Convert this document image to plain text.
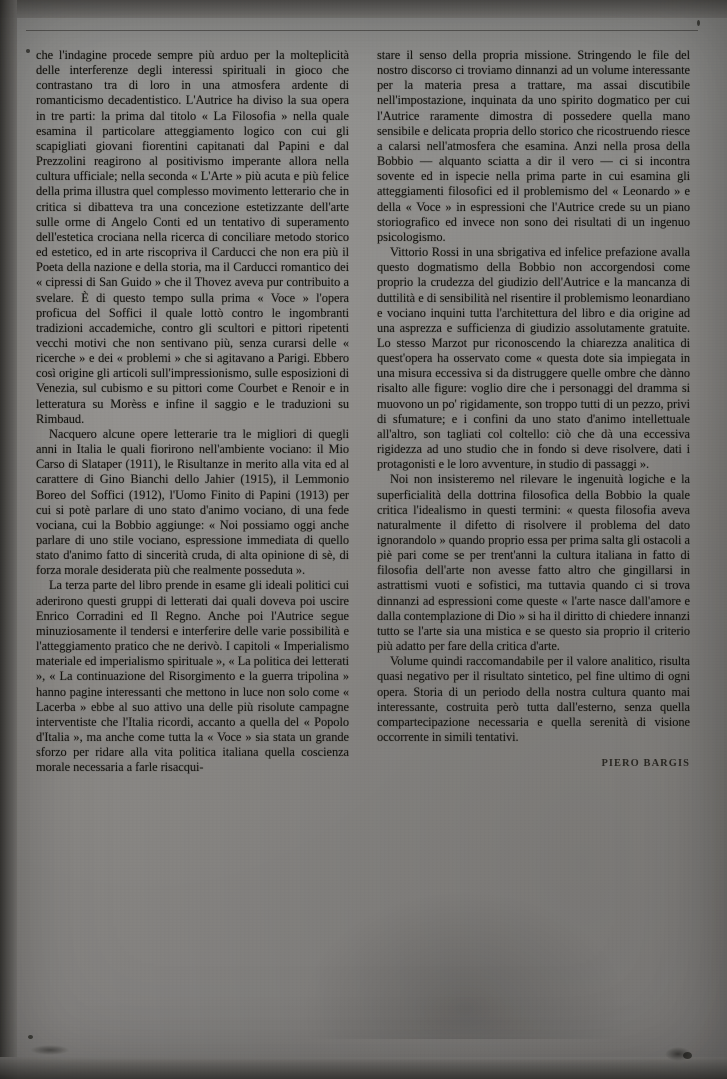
che l'indagine procede sempre più arduo per la molteplicità delle interferenze degli interessi spirituali in gioco che contrastano tra di loro in una atmosfera ardente di romanticismo decadentistico. L'Autrice ha diviso la sua opera in tre parti: la prima dal titolo « La Filosofia » nella quale esamina il particolare atteggiamento logico con cui gli scapigliati giovani fiorentini capitanati dal Papini e dal Prezzolini reagirono al positivismo imperante allora nella cultura ufficiale; nella seconda « L'Arte » più acuta e più felice della prima illustra quel complesso movimento letterario che in critica si dibatteva tra una concezione estetizzante dell'arte sulle orme di Angelo Conti ed un tentativo di superamento dell'estetica crociana nella ricerca di conciliare metodo storico ed estetico, ed in arte riscopriva il Carducci che non era più il Poeta della nazione e della storia, ma il Carducci romantico dei « cipressi di San Guido » che il Thovez aveva pur contribuito a svelare. È di questo tempo sulla prima « Voce » l'opera proficua del Soffici il quale lottò contro le ingombranti tradizioni accademiche, contro gli scultori e pittori ripetenti vecchi motivi che non sentivano più, senza curarsi delle « ricerche » e dei « problemi » che si agitavano a Parigi. Ebbero così origine gli articoli sull'impressionismo, sulle esposizioni di Venezia, sul cubismo e su pittori come Courbet e Renoir e in letteratura su Morèss e infine il saggio e le traduzioni su Rimbaud.

Nacquero alcune opere letterarie tra le migliori di quegli anni in Italia le quali fiorirono nell'ambiente vociano: il Mio Carso di Slataper (1911), le Risultanze in merito alla vita ed al carattere di Gino Bianchi dello Jahier (1915), il Lemmonio Boreo del Soffici (1912), l'Uomo Finito di Papini (1913) per cui si potè parlare di uno stato d'animo vociano, di una fede vociana, cui la Bobbio aggiunge: « Noi possiamo oggi anche parlare di uno stile vociano, espressione immediata di quello stato d'animo fatto di sincerità cruda, di alta opinione di sè, di forza morale desiderata più che realmente posseduta ».

La terza parte del libro prende in esame gli ideali politici cui aderirono questi gruppi di letterati dai quali doveva poi uscire Enrico Corradini ed Il Regno. Anche poi l'Autrice segue minuziosamente il tendersi e interferire delle varie possibilità e l'atteggiamento pratico che ne derivò. I capitoli « Imperialismo materiale ed imperialismo spirituale », « La politica dei letterati », « La continuazione del Risorgimento e la guerra tripolina » hanno pagine interessanti che mettono in luce non solo come « Lacerba » ebbe al suo attivo una delle più risolute campagne interventiste che l'Italia ricordi, accanto a quella del « Popolo d'Italia », ma anche come tutta la « Voce » sia stata un grande sforzo per ridare alla vita politica italiana quella coscienza morale necessaria a farle risacqui-

stare il senso della propria missione. Stringendo le file del nostro discorso ci troviamo dinnanzi ad un volume interessante per la materia presa a trattare, ma assai discutibile nell'impostazione, inquinata da uno spirito dogmatico per cui l'Autrice raramente dimostra di possedere quella mano sensibile e delicata propria dello storico che ricostruendo riesce a calarsi nell'atmosfera che esamina. Anzi nella prosa della Bobbio — alquanto sciatta a dir il vero — ci si incontra sovente ed in ispecie nella prima parte in cui esamina gli atteggiamenti filosofici ed il problemismo del « Leonardo » e della « Voce » in espressioni che l'Autrice crede su un piano storiografico ed invece non sono dei risultati di un ingenuo psicologismo.

Vittorio Rossi in una sbrigativa ed infelice prefazione avalla questo dogmatismo della Bobbio non accorgendosi come proprio la crudezza del giudizio dell'Autrice e la mancanza di duttilità e di sensibilità nel risentire il problemismo leonardiano e vociano inquini tutta l'architettura del libro e dia origine ad una asprezza e sufficienza di giudizio assolutamente gratuite. Lo stesso Marzot pur riconoscendo la chiarezza analitica di quest'opera ha osservato come « questa dote sia impiegata in una misura eccessiva si da distruggere quelle ombre che dànno risalto alle figure: voglio dire che i personaggi del dramma si muovono un po' rigidamente, son troppo tutti di un pezzo, privi di sfumature; e i confini da uno stato d'animo intellettuale all'altro, son tagliati col coltello: ciò che dà una eccessiva rigidezza ad uno studio che in fondo si deve risolvere, dati i protagonisti e le loro avventure, in studio di passaggi ».

Noi non insisteremo nel rilevare le ingenuità logiche e la superficialità della dottrina filosofica della Bobbio la quale critica l'idealismo in questi termini: « questa filosofia aveva naturalmente il difetto di risolvere il problema del dato ignorandolo » quando proprio essa per prima salta gli ostacoli a piè pari come se per trent'anni la cultura italiana in fatto di filosofia dell'arte non avesse fatto altro che gingillarsi in astrattismi vuoti e sofistici, ma tuttavia quando ci si trova dinnanzi ad espressioni come queste « l'arte nasce dall'amore e dalla contemplazione di Dio » si ha il diritto di chiedere innanzi tutto se l'arte sia una mistica e se questo sia proprio il criterio più adatto per fare della critica d'arte.

Volume quindi raccomandabile per il valore analitico, risulta quasi negativo per il risultato sintetico, pel fine ultimo di ogni opera. Storia di un periodo della nostra cultura quanto mai interessante, costruita però tutta dall'esterno, senza quella compartecipazione necessaria e quella serenità di visione occorrente in simili tentativi.

PIERO BARGIS
